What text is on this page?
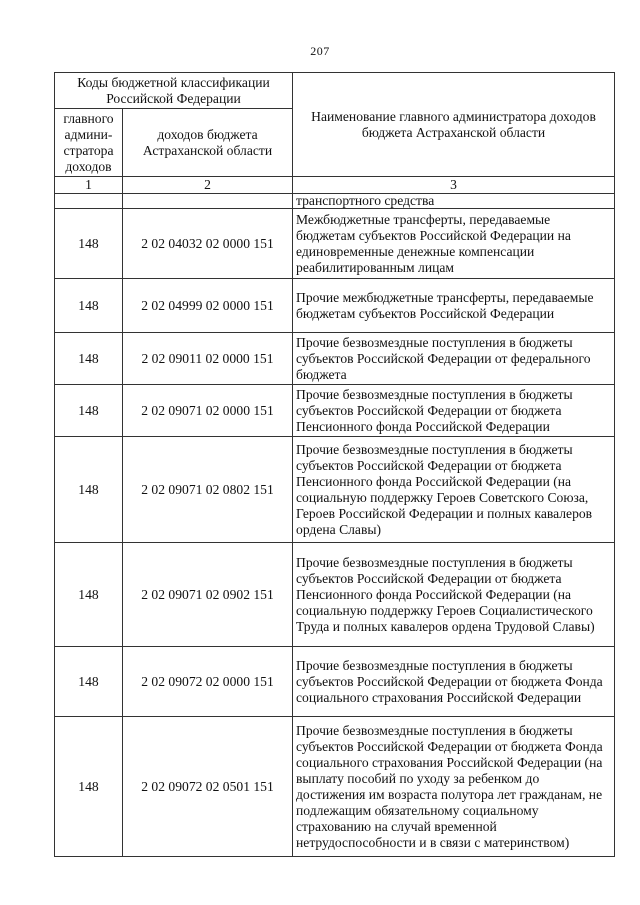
207
Коды бюджетной классификации Российской Федерации		Наименование главного администратора доходов бюджета Астраханской области
главного админи-стратора доходов	доходов бюджета Астраханской области	
1	2	3
		транспортного средства
148	2 02 04032 02 0000 151	Межбюджетные трансферты, передаваемые бюджетам субъектов Российской Федерации на единовременные денежные компенсации реабилитированным лицам
148	2 02 04999 02 0000 151	Прочие межбюджетные трансферты, передаваемые бюджетам субъектов Российской Федерации
148	2 02 09011 02 0000 151	Прочие безвозмездные поступления в бюджеты субъектов Российской Федерации от федерального бюджета
148	2 02 09071 02 0000 151	Прочие безвозмездные поступления в бюджеты субъектов Российской Федерации от бюджета Пенсионного фонда Российской Федерации
148	2 02 09071 02 0802 151	Прочие безвозмездные поступления в бюджеты субъектов Российской Федерации от бюджета Пенсионного фонда Российской Федерации (на социальную поддержку Героев Советского Союза, Героев Российской Федерации и полных кавалеров ордена Славы)
148	2 02 09071 02 0902 151	Прочие безвозмездные поступления в бюджеты субъектов Российской Федерации от бюджета Пенсионного фонда Российской Федерации (на социальную поддержку Героев Социалистического Труда и полных кавалеров ордена Трудовой Славы)
148	2 02 09072 02 0000 151	Прочие безвозмездные поступления в бюджеты субъектов Российской Федерации от бюджета Фонда социального страхования Российской Федерации
148	2 02 09072 02 0501 151	Прочие безвозмездные поступления в бюджеты субъектов Российской Федерации от бюджета Фонда социального страхования Российской Федерации (на выплату пособий по уходу за ребенком до достижения им возраста полутора лет гражданам, не подлежащим обязательному социальному страхованию на случай временной нетрудоспособности и в связи с материнством)
